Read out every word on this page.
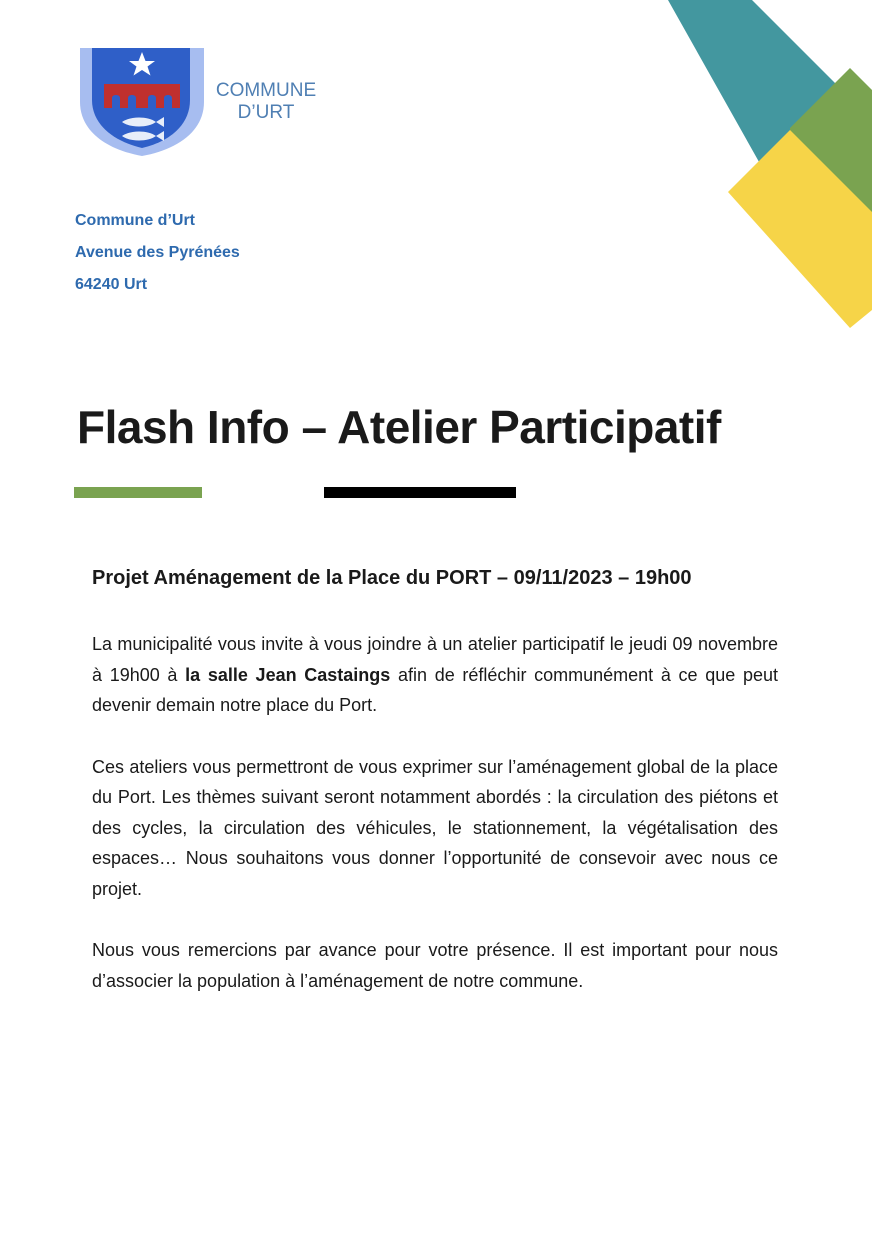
COMMUNE
D’URT
Commune d’Urt
Avenue des Pyrénées
64240 Urt
Flash Info – Atelier Participatif

Projet Aménagement de la Place du PORT – 09/11/2023 – 19h00

La municipalité vous invite à vous joindre à un atelier participatif le jeudi 09 novembre à 19h00 à la salle Jean Castaings afin de réfléchir communément à ce que peut devenir demain notre place du Port.

Ces ateliers vous permettront de vous exprimer sur l’aménagement global de la place du Port. Les thèmes suivant seront notamment abordés : la circulation des piétons et des cycles, la circulation des véhicules, le stationnement, la végétalisation des espaces… Nous souhaitons vous donner l’opportunité de consevoir avec nous ce projet.

Nous vous remercions par avance pour votre présence. Il est important pour nous d’associer la population à l’aménagement de notre commune.
